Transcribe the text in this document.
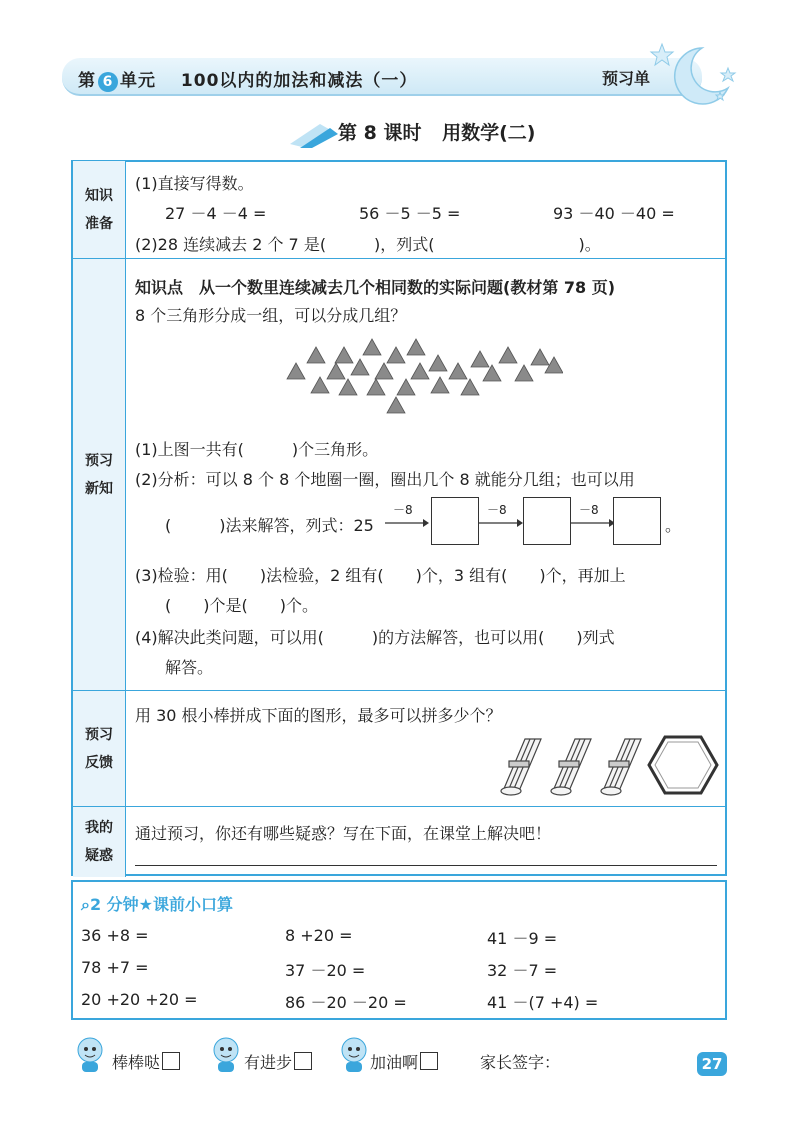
第 6 单元 100以内的加法和减法（一）	预习单
第 8 课时 用数学(二)
知识
准备
(1)直接写得数。
27 －4 －4 =	56 －5 －5 =	93 －40 －40 =
(2)28 连续减去 2 个 7 是(　　　)，列式(　　　　　　　　　)。
预习
新知
知识点　从一个数里连续减去几个相同数的实际问题(教材第 78 页)
8 个三角形分成一组，可以分成几组？
(1)上图一共有(　　　)个三角形。
(2)分析：可以 8 个 8 个地圈一圈，圈出几个 8 就能分几组；也可以用
(　　　)法来解答，列式：25
－8	－8	－8
。
(3)检验：用(　　)法检验，2 组有(　　)个，3 组有(　　)个，再加上
(　　)个是(　　)个。
(4)解决此类问题，可以用(　　　)的方法解答，也可以用(　　)列式
解答。
预习
反馈
用 30 根小棒拼成下面的图形，最多可以拼多少个？
我的
疑惑
通过预习，你还有哪些疑惑？写在下面，在课堂上解决吧！
⌕2 分钟★课前小口算
36 +8 =	8 +20 =	41 －9 =
78 +7 =	37 －20 =	32 －7 =
20 +20 +20 =	86 －20 －20 =	41 －(7 +4) =
棒棒哒	有进步	加油啊	家长签字：	27
